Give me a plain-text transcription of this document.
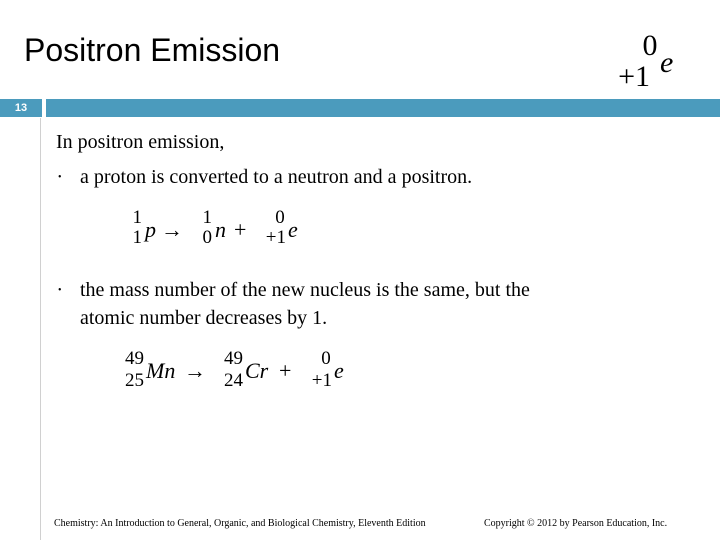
Positron Emission	0
+1 e
13
In positron emission,
• a proton is converted to a neutron and a positron.
1
1 p → 1
0 n + 0
+1 e
• the mass number of the new nucleus is the same, but the
atomic number decreases by 1.
49
25 Mn → 49
24 Cr + 0
+1 e
Chemistry: An Introduction to General, Organic, and Biological Chemistry, Eleventh Edition	Copyright © 2012 by Pearson Education, Inc.
